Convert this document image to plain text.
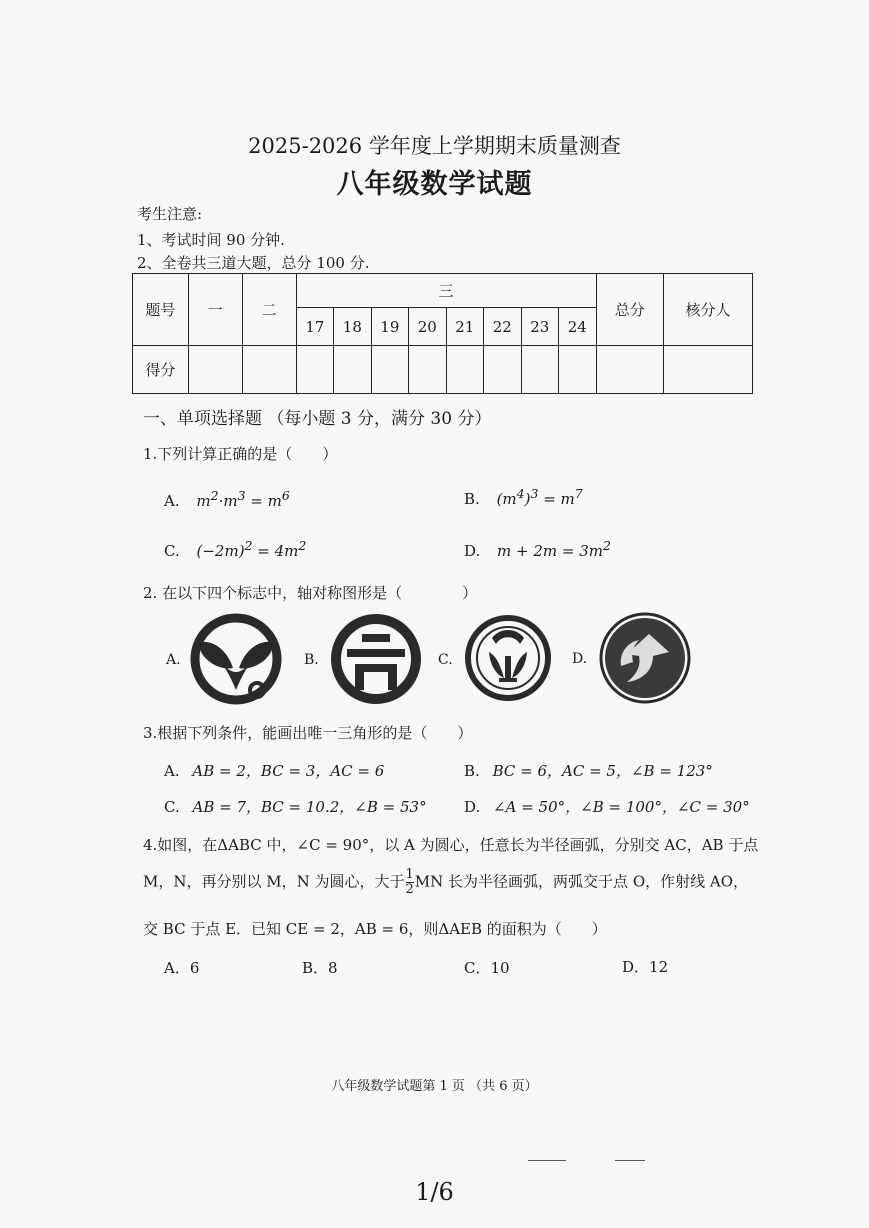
2025-2026 学年度上学期期末质量测查
八年级数学试题
考生注意:
1、考试时间 90 分钟.
2、全卷共三道大题，总分 100 分.
题号	一	二	三								总分	核分人
			17	18	19	20	21	22	23	24		
得分												
一、单项选择题 （每小题 3 分，满分 30 分）
1.下列计算正确的是（　　）
A. $m^2\cdot m^3 = m^6$	B. $(m^4)^3 = m^7$
C. $(-2m)^2 = 4m^2$	D. $m + 2m = 3m^2$
2. 在以下四个标志中，轴对称图形是（　　　　）
A.	B.	C.	D.
3.根据下列条件，能画出唯一三角形的是（　　）
A. AB = 2，BC = 3，AC = 6	B. BC = 6，AC = 5，∠B = 123°
C. AB = 7，BC = 10.2，∠B = 53° D. ∠A = 50°，∠B = 100°，∠C = 30°
4.如图，在ΔABC 中，∠C = 90°，以 A 为圆心，任意长为半径画弧，分别交 AC，AB 于点
M，N，再分别以 M，N 为圆心，大于 $\frac{1}{2}$ MN 长为半径画弧，两弧交于点 O，作射线 AO，
交 BC 于点 E．已知 CE = 2，AB = 6，则ΔAEB 的面积为（　　）
A．6	B．8	C．10	D．12
八年级数学试题第 1 页 （共 6 页）
1/6
